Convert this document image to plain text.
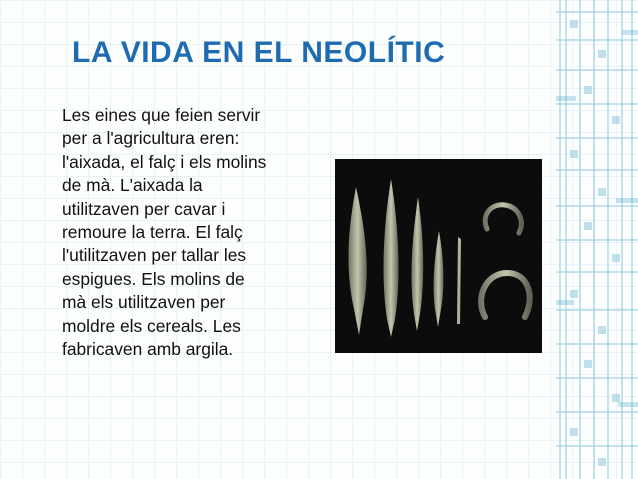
LA VIDA EN EL NEOLÍTIC
Les eines que feien servir
per a l'agricultura eren:
l'aixada, el falç i els molins
de mà. L'aixada la
utilitzaven per cavar i
remoure la terra. El falç
l'utilitzaven per tallar les
espigues. Els molins de
mà els utilitzaven per
moldre els cereals. Les
fabricaven amb argila.
